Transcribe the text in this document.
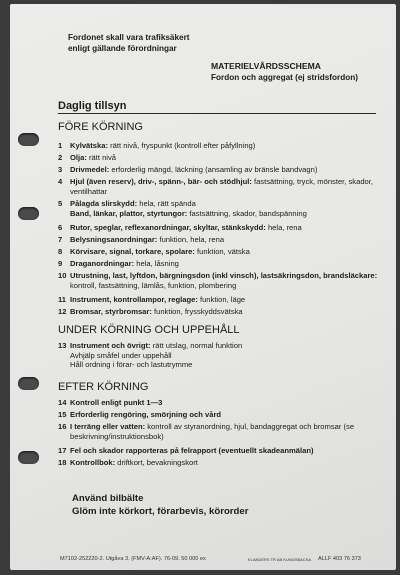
Fordonet skall vara trafiksäkert
enligt gällande förordningar
MATERIELVÅRDSSCHEMA
Fordon och aggregat (ej stridsfordon)
Daglig tillsyn
FÖRE KÖRNING
1	Kylvätska: rätt nivå, fryspunkt (kontroll efter påfyllning)
2	Olja: rätt nivå
3	Drivmedel: erforderlig mängd, läckning (ansamling av bränsle bandvagn)
4	Hjul (även reserv), driv-, spänn-, bär- och stödhjul: fastsättning, tryck, mönster, skador, ventilhattar
5	Pålagda slirskydd: hela, rätt spända
Band, länkar, plattor, styrtungor: fastsättning, skador, bandspänning
6	Rutor, speglar, reflexanordningar, skyltar, stänkskydd: hela, rena
7	Belysningsanordningar: funktion, hela, rena
8	Körvisare, signal, torkare, spolare: funktion, vätska
9	Draganordningar: hela, låsning
10 Utrustning, last, lyftdon, bärgningsdon (inkl vinsch), lastsäkringsdon, brandsläckare: kontroll, fastsättning, lämlås, funktion, plombering
11 Instrument, kontrollampor, reglage: funktion, läge
12 Bromsar, styrbromsar: funktion, frysskyddsvätska
UNDER KÖRNING OCH UPPEHÅLL
13 Instrument och övrigt: rätt utslag, normal funktion
Avhjälp småfel under uppehåll
Håll ordning i förar- och lastutrymme
EFTER KÖRNING
14 Kontroll enligt punkt 1—3
15 Erforderlig rengöring, smörjning och vård
16 I terräng eller vatten: kontroll av styranordning, hjul, bandaggregat och bromsar (se beskrivning/instruktionsbok)
17 Fel och skador rapporteras på felrapport (eventuellt skadeanmälan)
18 Kontrollbok: driftkort, bevakningskort
Använd bilbälte
Glöm inte körkort, förarbevis, körorder
M7102-252220-2. Utgåva 3. (FMV-A:AF). 76-09. 50 000 ex	ELANDERS TR AB KUNGSBACKA ALLF 403 76 373
